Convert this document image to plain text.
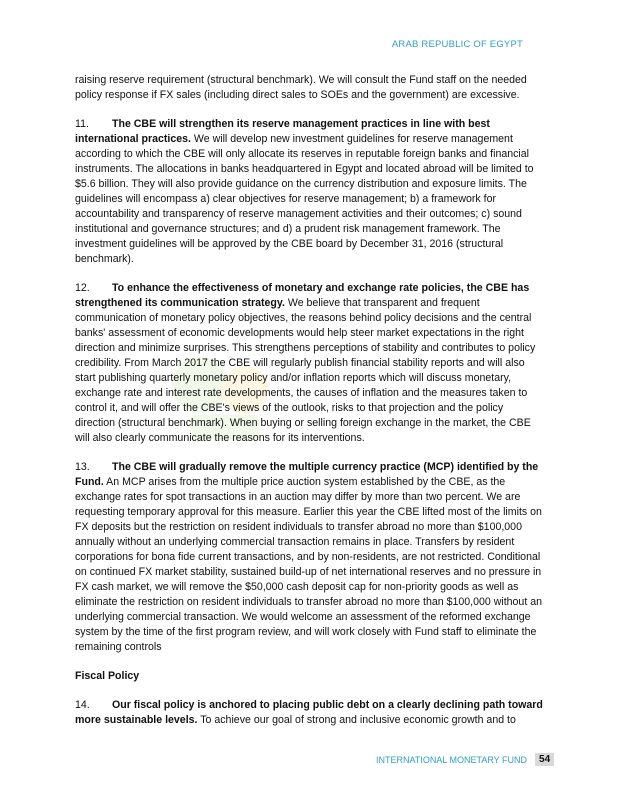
ARAB REPUBLIC OF EGYPT

raising reserve requirement (structural benchmark). We will consult the Fund staff on the needed policy response if FX sales (including direct sales to SOEs and the government) are excessive.

11. The CBE will strengthen its reserve management practices in line with best international practices. We will develop new investment guidelines for reserve management according to which the CBE will only allocate its reserves in reputable foreign banks and financial instruments. The allocations in banks headquartered in Egypt and located abroad will be limited to $5.6 billion. They will also provide guidance on the currency distribution and exposure limits. The guidelines will encompass a) clear objectives for reserve management; b) a framework for accountability and transparency of reserve management activities and their outcomes; c) sound institutional and governance structures; and d) a prudent risk management framework. The investment guidelines will be approved by the CBE board by December 31, 2016 (structural benchmark).

12. To enhance the effectiveness of monetary and exchange rate policies, the CBE has strengthened its communication strategy. We believe that transparent and frequent communication of monetary policy objectives, the reasons behind policy decisions and the central banks' assessment of economic developments would help steer market expectations in the right direction and minimize surprises. This strengthens perceptions of stability and contributes to policy credibility. From March 2017 the CBE will regularly publish financial stability reports and will also start publishing quarterly monetary policy and/or inflation reports which will discuss monetary, exchange rate and interest rate developments, the causes of inflation and the measures taken to control it, and will offer the CBE's views of the outlook, risks to that projection and the policy direction (structural benchmark). When buying or selling foreign exchange in the market, the CBE will also clearly communicate the reasons for its interventions.

13. The CBE will gradually remove the multiple currency practice (MCP) identified by the Fund. An MCP arises from the multiple price auction system established by the CBE, as the exchange rates for spot transactions in an auction may differ by more than two percent. We are requesting temporary approval for this measure. Earlier this year the CBE lifted most of the limits on FX deposits but the restriction on resident individuals to transfer abroad no more than $100,000 annually without an underlying commercial transaction remains in place. Transfers by resident corporations for bona fide current transactions, and by non-residents, are not restricted. Conditional on continued FX market stability, sustained build-up of net international reserves and no pressure in FX cash market, we will remove the $50,000 cash deposit cap for non-priority goods as well as eliminate the restriction on resident individuals to transfer abroad no more than $100,000 without an underlying commercial transaction. We would welcome an assessment of the reformed exchange system by the time of the first program review, and will work closely with Fund staff to eliminate the remaining controls

Fiscal Policy

14. Our fiscal policy is anchored to placing public debt on a clearly declining path toward more sustainable levels. To achieve our goal of strong and inclusive economic growth and to

INTERNATIONAL MONETARY FUND	54
